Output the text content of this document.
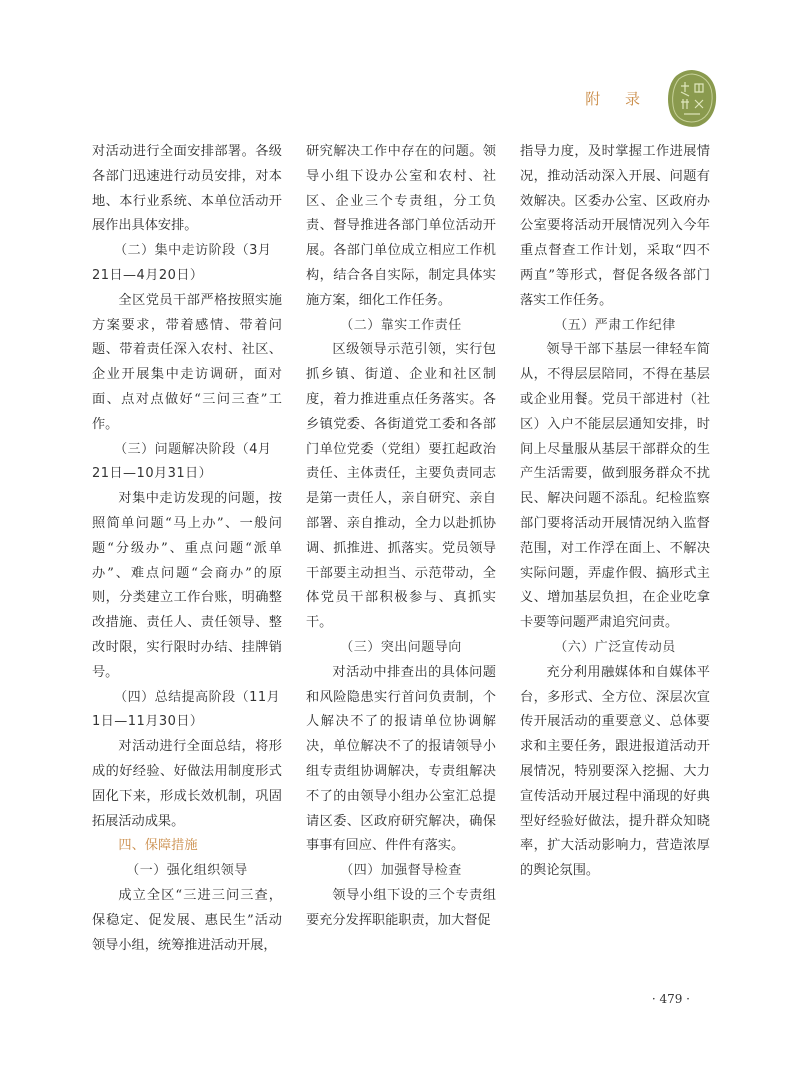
附 录

对活动进行全面安排部署。各级各部门迅速进行动员安排，对本地、本行业系统、本单位活动开展作出具体安排。

（二）集中走访阶段（3月21日—4月20日）

全区党员干部严格按照实施方案要求，带着感情、带着问题、带着责任深入农村、社区、企业开展集中走访调研，面对面、点对点做好“三问三查”工作。

（三）问题解决阶段（4月21日—10月31日）

对集中走访发现的问题，按照简单问题“马上办”、一般问题“分级办”、重点问题“派单办”、难点问题“会商办”的原则，分类建立工作台账，明确整改措施、责任人、责任领导、整改时限，实行限时办结、挂牌销号。

（四）总结提高阶段（11月1日—11月30日）

对活动进行全面总结，将形成的好经验、好做法用制度形式固化下来，形成长效机制，巩固拓展活动成果。

四、保障措施

（一）强化组织领导

成立全区“三进三问三查，保稳定、促发展、惠民生”活动领导小组，统筹推进活动开展，

研究解决工作中存在的问题。领导小组下设办公室和农村、社区、企业三个专责组，分工负责、督导推进各部门单位活动开展。各部门单位成立相应工作机构，结合各自实际，制定具体实施方案，细化工作任务。

（二）靠实工作责任

区级领导示范引领，实行包抓乡镇、街道、企业和社区制度，着力推进重点任务落实。各乡镇党委、各街道党工委和各部门单位党委（党组）要扛起政治责任、主体责任，主要负责同志是第一责任人，亲自研究、亲自部署、亲自推动，全力以赴抓协调、抓推进、抓落实。党员领导干部要主动担当、示范带动，全体党员干部积极参与、真抓实干。

（三）突出问题导向

对活动中排查出的具体问题和风险隐患实行首问负责制，个人解决不了的报请单位协调解决，单位解决不了的报请领导小组专责组协调解决，专责组解决不了的由领导小组办公室汇总提请区委、区政府研究解决，确保事事有回应、件件有落实。

（四）加强督导检查

领导小组下设的三个专责组要充分发挥职能职责，加大督促

指导力度，及时掌握工作进展情况，推动活动深入开展、问题有效解决。区委办公室、区政府办公室要将活动开展情况列入今年重点督查工作计划，采取“四不两直”等形式，督促各级各部门落实工作任务。

（五）严肃工作纪律

领导干部下基层一律轻车简从，不得层层陪同，不得在基层或企业用餐。党员干部进村（社区）入户不能层层通知安排，时间上尽量服从基层干部群众的生产生活需要，做到服务群众不扰民、解决问题不添乱。纪检监察部门要将活动开展情况纳入监督范围，对工作浮在面上、不解决实际问题，弄虚作假、搞形式主义、增加基层负担，在企业吃拿卡要等问题严肃追究问责。

（六）广泛宣传动员

充分利用融媒体和自媒体平台，多形式、全方位、深层次宣传开展活动的重要意义、总体要求和主要任务，跟进报道活动开展情况，特别要深入挖掘、大力宣传活动开展过程中涌现的好典型好经验好做法，提升群众知晓率，扩大活动影响力，营造浓厚的舆论氛围。

· 479 ·
